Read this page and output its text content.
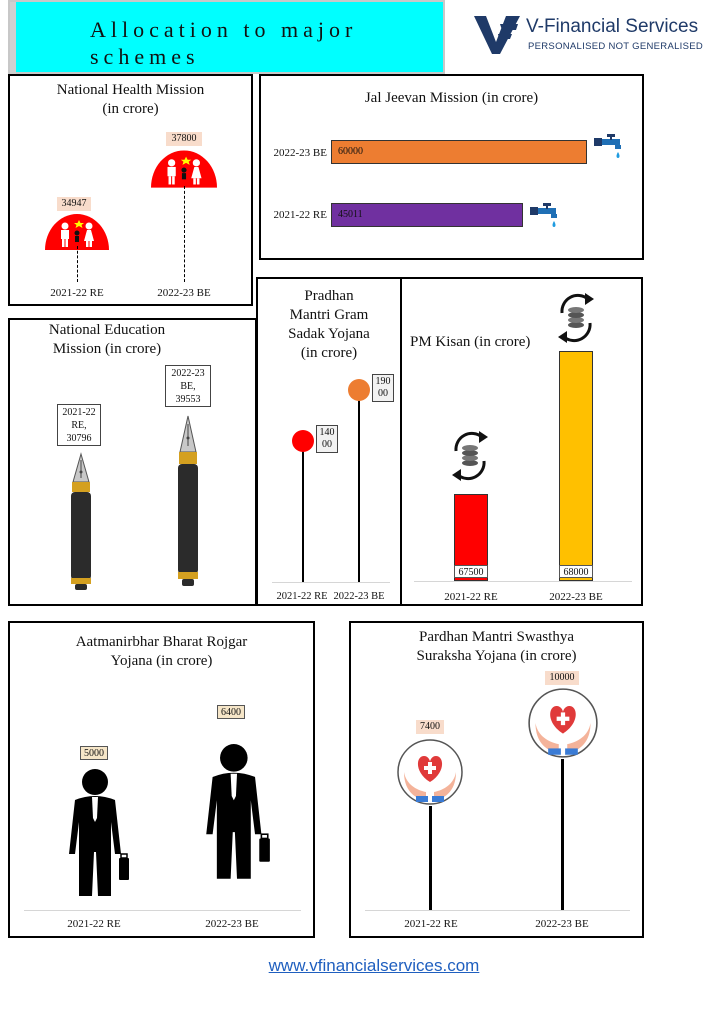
Allocation to major
schemes
V-Financial Services
PERSONALISED NOT GENERALISED
National Health Mission
(in crore)
34947
2021-22 RE
37800
2022-23 BE
Jal Jeevan Mission (in crore)
2022-23 BE 60000
2021-22 RE 45011
National Education
Mission (in crore)
2021-22
RE,
30796
2022-23
BE,
39553
Pradhan
Mantri Gram
Sadak Yojana
(in crore)
140
00
190
00
2021-22 RE 2022-23 BE
PM Kisan (in crore)
67500	68000
2021-22 RE	2022-23 BE
Aatmanirbhar Bharat Rojgar
Yojana (in crore)
5000
6400
2021-22 RE	2022-23 BE
Pardhan Mantri Swasthya
Suraksha Yojana (in crore)
7400
10000
2021-22 RE	2022-23 BE
www.vfinancialservices.com
